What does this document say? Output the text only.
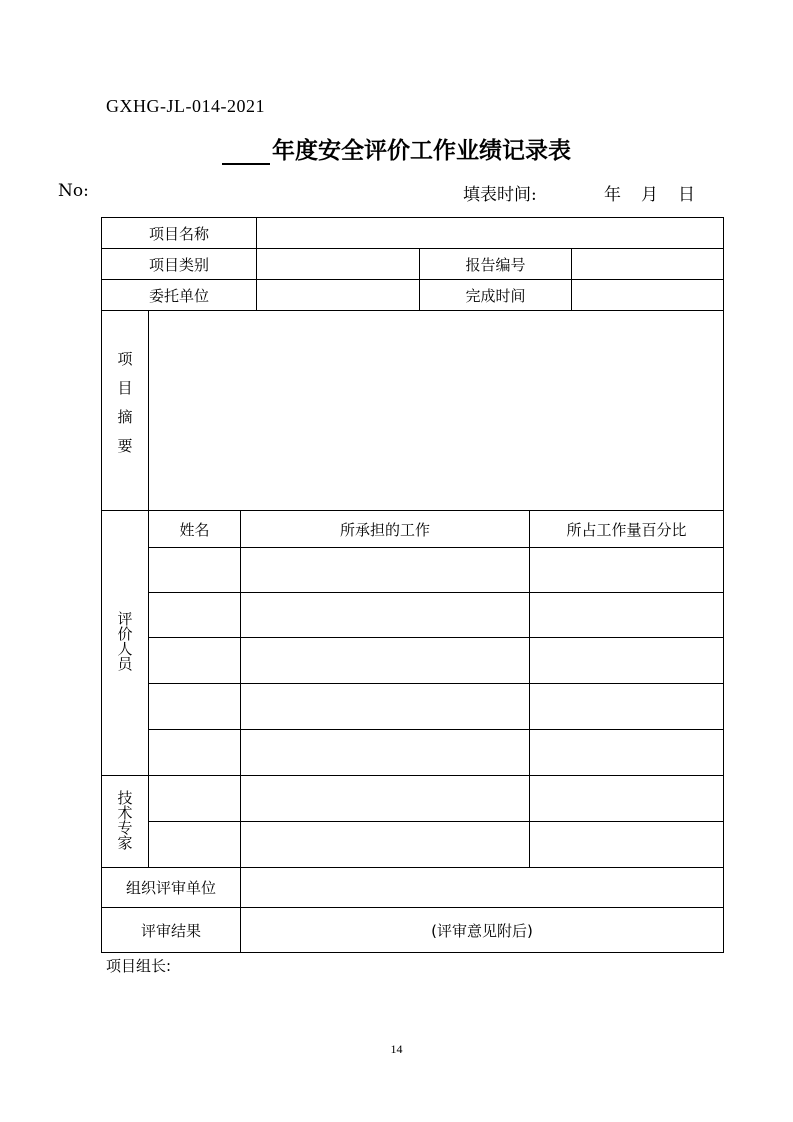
GXHG-JL-014-2021
年度安全评价工作业绩记录表
No:	填表时间:	年 月 日
项目名称						
项目类别				报告编号		
委托单位				完成时间		
项目摘要						
评价人员	姓名	所承担的工作			所占工作量百分比	

技术专家						

组织评审单位						
评审结果		(评审意见附后)				
项目组长:
14
